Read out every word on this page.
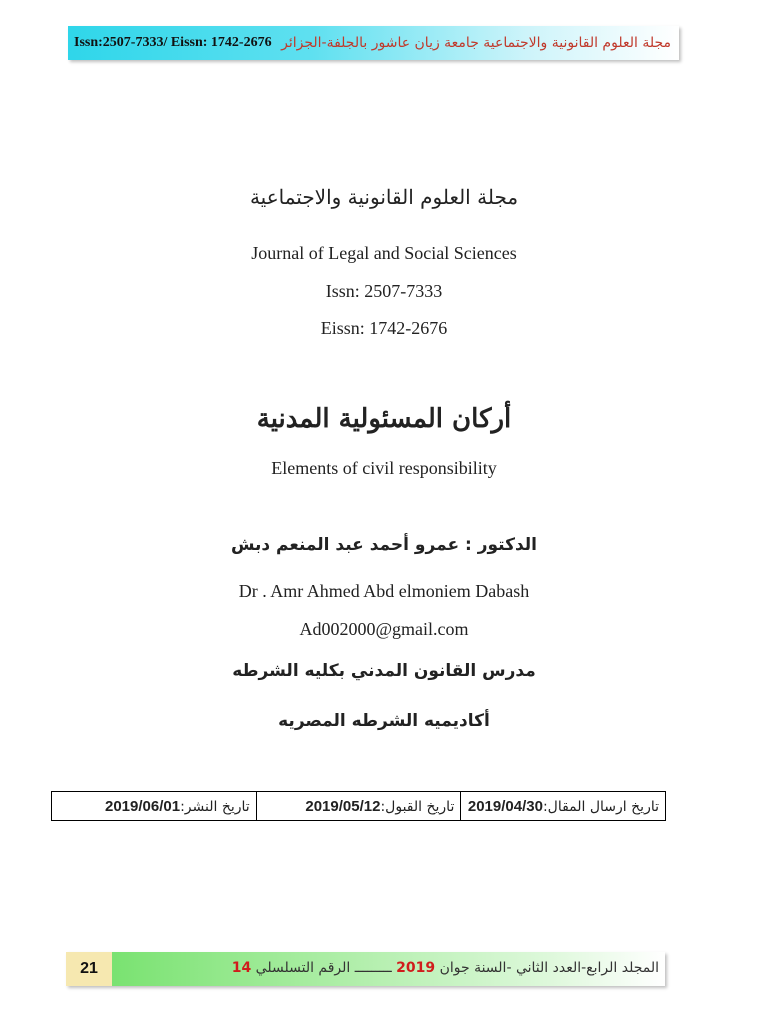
Issn:2507-7333/ Eissn: 1742-2676 مجلة العلوم القانونية والاجتماعية جامعة زيان عاشور بالجلفة-الجزائر
مجلة العلوم القانونية والاجتماعية
Journal of Legal and Social Sciences
Issn: 2507-7333
Eissn: 1742-2676
أركان المسئولية المدنية
Elements of civil responsibility
الدكتور : عمرو أحمد عبد المنعم دبش
Dr . Amr Ahmed Abd elmoniem Dabash
Ad002000@gmail.com
مدرس القانون المدني بكليه الشرطه
أكاديميه الشرطه المصريه
تاريخ ارسال المقال:2019/04/30	تاريخ القبول:2019/05/12	تاريخ النشر:2019/06/01
21	المجلد الرابع-العدد الثاني -السنة جوان 2019 ـــــــــ الرقم التسلسلي 14
